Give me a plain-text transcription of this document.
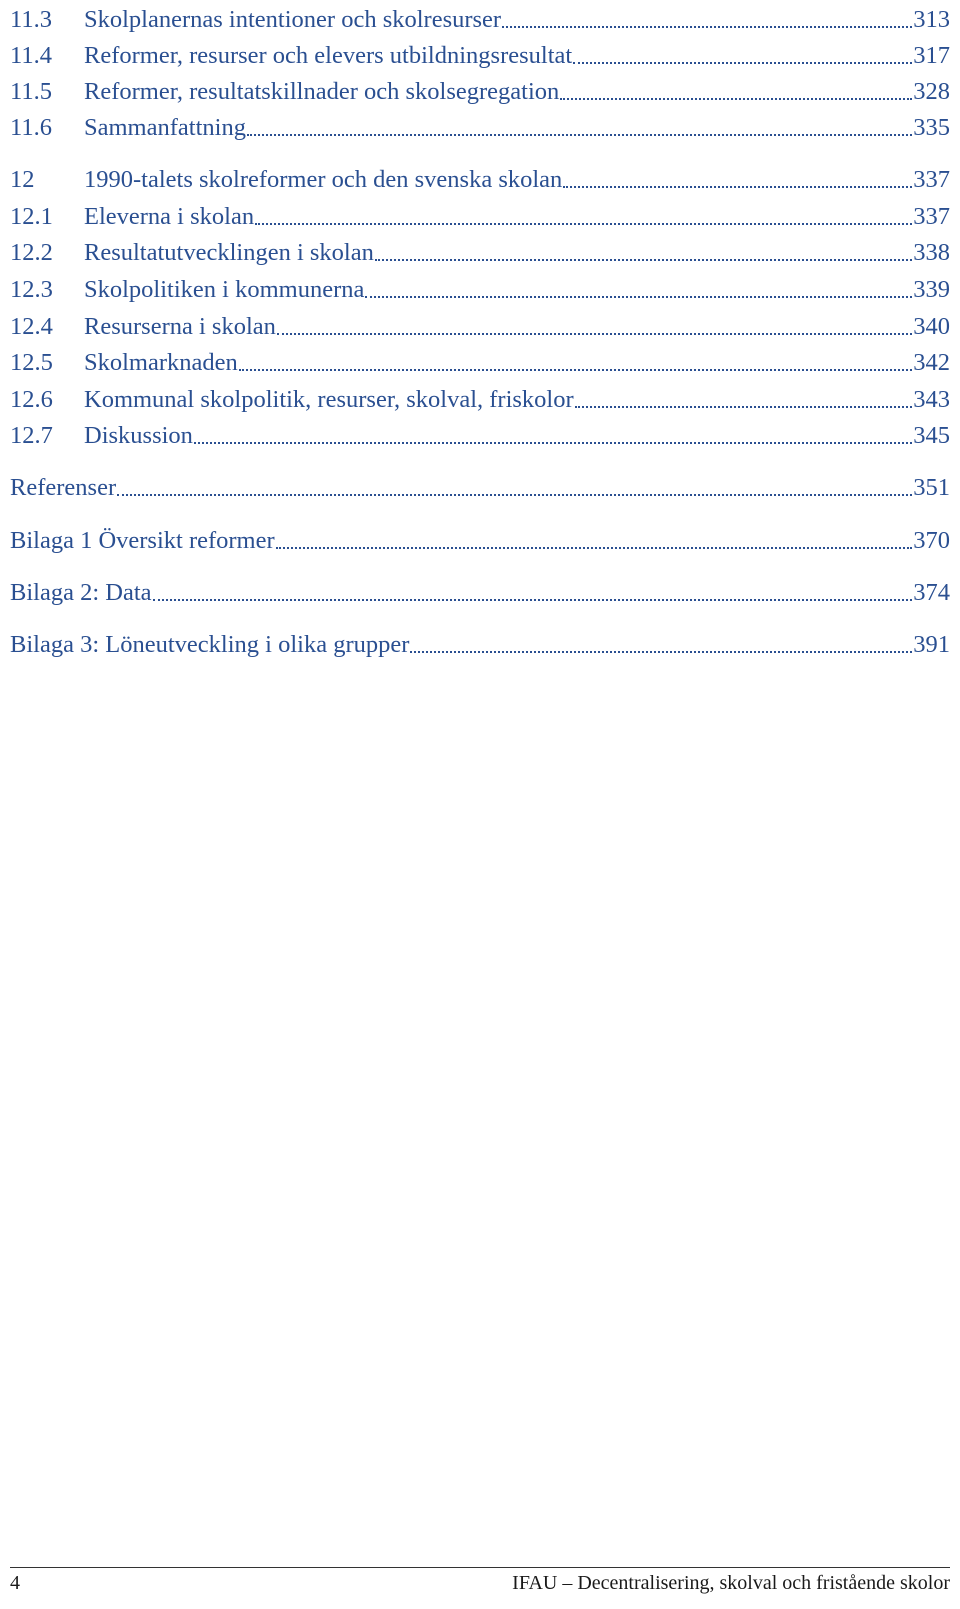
11.3	Skolplanernas intentioner och skolresurser	313
11.4	Reformer, resurser och elevers utbildningsresultat	317
11.5	Reformer, resultatskillnader och skolsegregation	328
11.6	Sammanfattning	335
12	1990-talets skolreformer och den svenska skolan	337
12.1	Eleverna i skolan	337
12.2	Resultatutvecklingen i skolan	338
12.3	Skolpolitiken i kommunerna	339
12.4	Resurserna i skolan	340
12.5	Skolmarknaden	342
12.6	Kommunal skolpolitik, resurser, skolval, friskolor	343
12.7	Diskussion	345
Referenser	351
Bilaga 1 Översikt reformer	370
Bilaga 2: Data	374
Bilaga 3: Löneutveckling i olika grupper	391
4	IFAU – Decentralisering, skolval och fristående skolor
